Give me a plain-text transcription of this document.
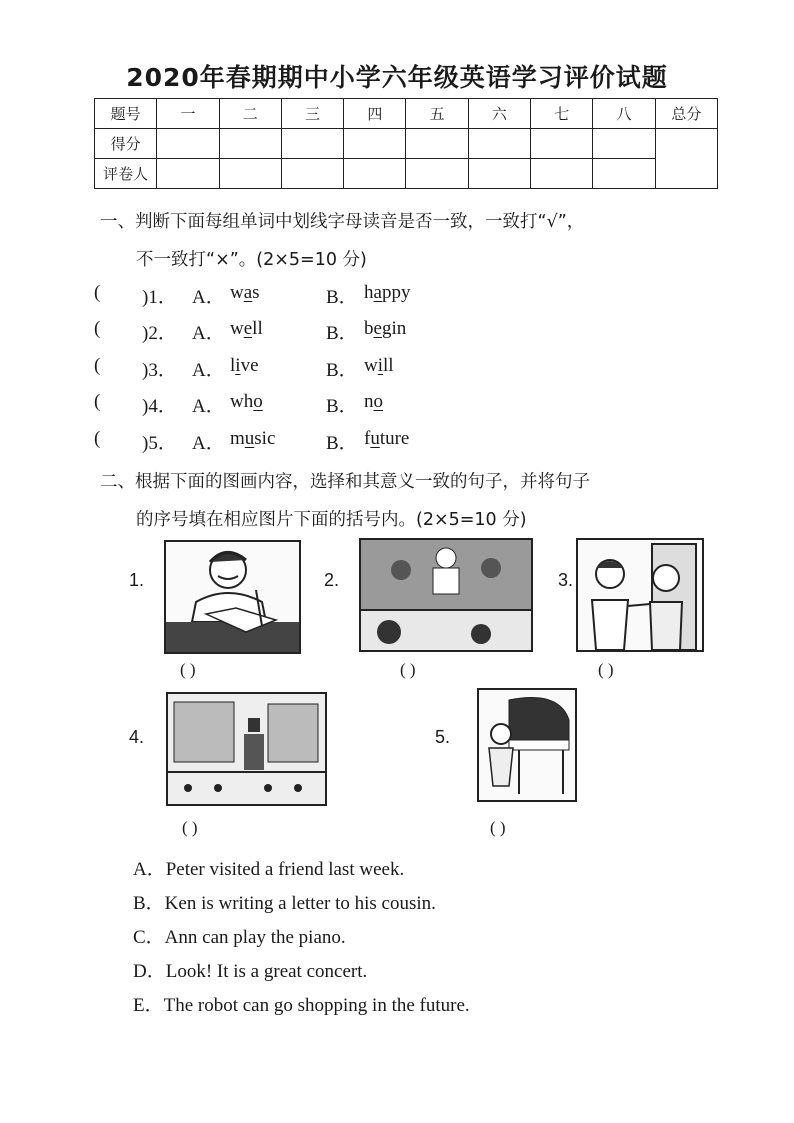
2020年春期期中小学六年级英语学习评价试题
题号	一	二	三	四	五	六	七	八	总分
得分									
评卷人									
一、判断下面每组单词中划线字母读音是否一致，一致打“√”，
不一致打“×”。(2×5=10 分)
( )1． A． was	B． happy
( )2． A． well	B． begin
( )3． A． live	B． will
( )4． A． who	B． no
( )5． A． music	B． future
二、根据下面的图画内容，选择和其意义一致的句子，并将句子
的序号填在相应图片下面的括号内。(2×5=10 分)
1.
( )
2.
( )
3.
( )
4.
( )
5.
( )
A．Peter visited a friend last week.
B．Ken is writing a letter to his cousin.
C．Ann can play the piano.
D．Look! It is a great concert.
E．The robot can go shopping in the future.
